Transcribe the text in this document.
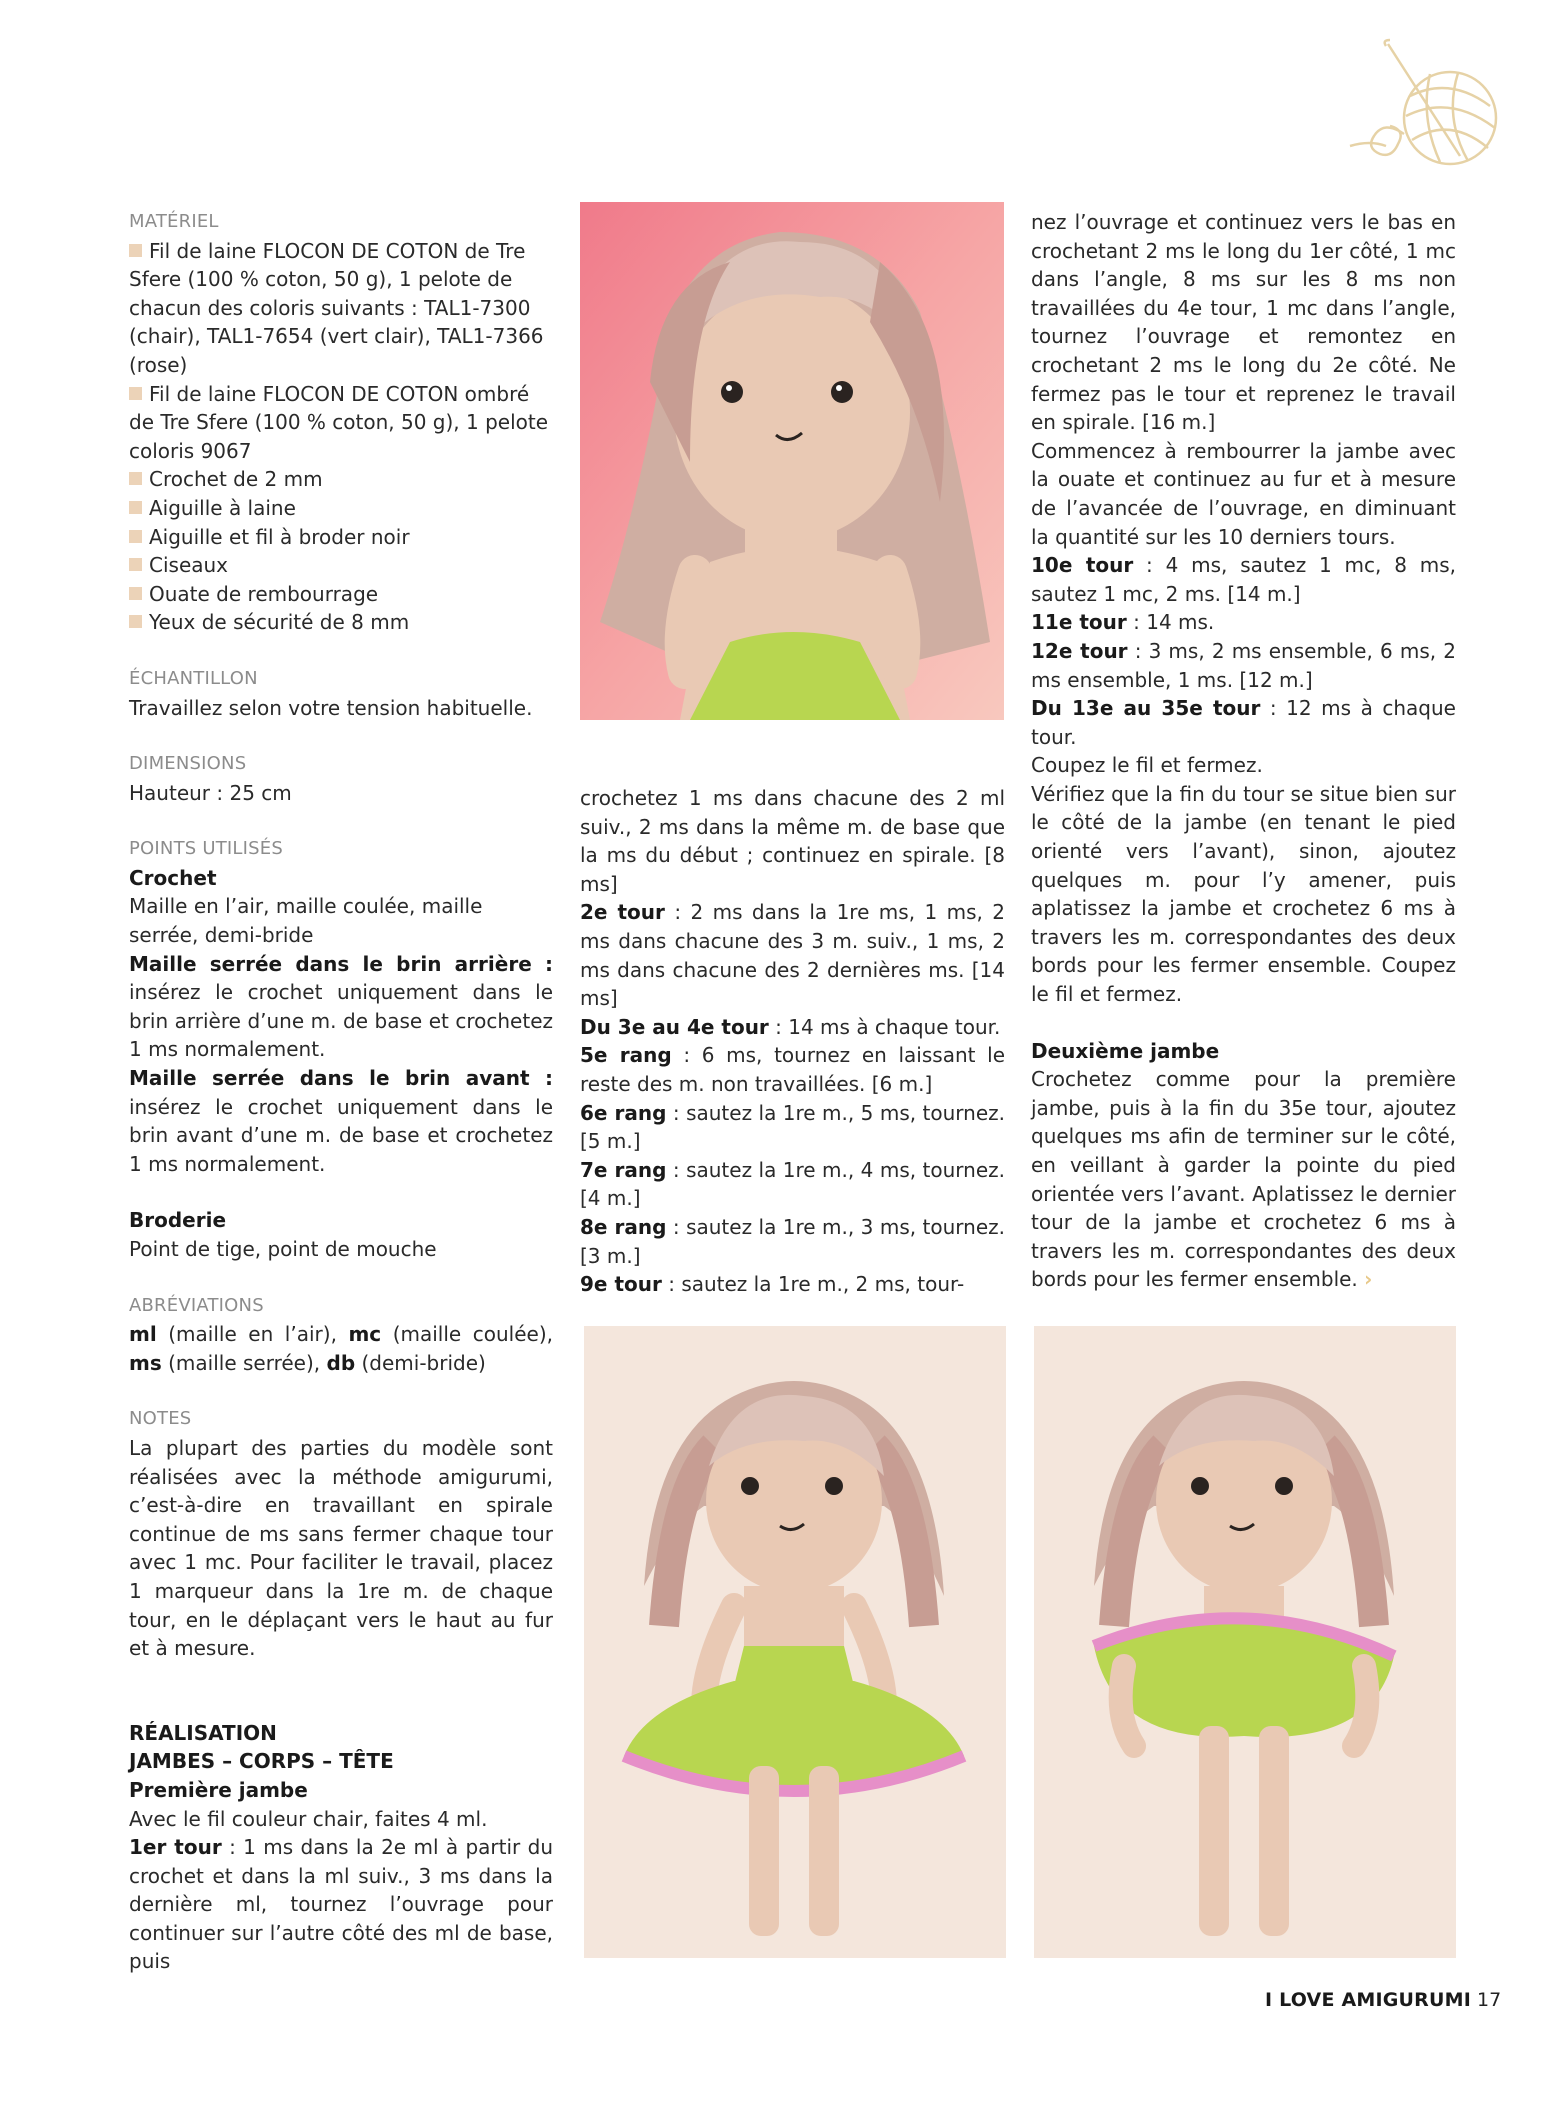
MATÉRIEL

Fil de laine FLOCON DE COTON de Tre Sfere (100 % coton, 50 g), 1 pelote de chacun des coloris suivants : TAL1-7300 (chair), TAL1-7654 (vert clair), TAL1-7366 (rose)

Fil de laine FLOCON DE COTON ombré de Tre Sfere (100 % coton, 50 g), 1 pelote coloris 9067

Crochet de 2 mm

Aiguille à laine

Aiguille et fil à broder noir

Ciseaux

Ouate de rembourrage

Yeux de sécurité de 8 mm

ÉCHANTILLON

Travaillez selon votre tension habituelle.

DIMENSIONS

Hauteur : 25 cm

POINTS UTILISÉS

Crochet

Maille en l’air, maille coulée, maille serrée, demi-bride

Maille serrée dans le brin arrière : insérez le crochet uniquement dans le brin arrière d’une m. de base et crochetez 1 ms normalement.

Maille serrée dans le brin avant : insérez le crochet uniquement dans le brin avant d’une m. de base et crochetez 1 ms normalement.

Broderie

Point de tige, point de mouche

ABRÉVIATIONS

ml (maille en l’air), mc (maille coulée), ms (maille serrée), db (demi-bride)

NOTES

La plupart des parties du modèle sont réalisées avec la méthode amigurumi, c’est-à-dire en travaillant en spirale continue de ms sans fermer chaque tour avec 1 mc. Pour faciliter le travail, placez 1 marqueur dans la 1re m. de chaque tour, en le déplaçant vers le haut au fur et à mesure.

RÉALISATION

JAMBES – CORPS – TÊTE

Première jambe

Avec le fil couleur chair, faites 4 ml.

1er tour : 1 ms dans la 2e ml à partir du crochet et dans la ml suiv., 3 ms dans la dernière ml, tournez l’ouvrage pour continuer sur l’autre côté des ml de base, puis

crochetez 1 ms dans chacune des 2 ml suiv., 2 ms dans la même m. de base que la ms du début ; continuez en spirale. [8 ms]

2e tour : 2 ms dans la 1re ms, 1 ms, 2 ms dans chacune des 3 m. suiv., 1 ms, 2 ms dans chacune des 2 dernières ms. [14 ms]

Du 3e au 4e tour : 14 ms à chaque tour.

5e rang : 6 ms, tournez en laissant le reste des m. non travaillées. [6 m.]

6e rang : sautez la 1re m., 5 ms, tournez. [5 m.]

7e rang : sautez la 1re m., 4 ms, tournez. [4 m.]

8e rang : sautez la 1re m., 3 ms, tournez. [3 m.]

9e tour : sautez la 1re m., 2 ms, tour-

nez l’ouvrage et continuez vers le bas en crochetant 2 ms le long du 1er côté, 1 mc dans l’angle, 8 ms sur les 8 ms non travaillées du 4e tour, 1 mc dans l’angle, tournez l’ouvrage et remontez en crochetant 2 ms le long du 2e côté. Ne fermez pas le tour et reprenez le travail en spirale. [16 m.]

Commencez à rembourrer la jambe avec la ouate et continuez au fur et à mesure de l’avancée de l’ouvrage, en diminuant la quantité sur les 10 derniers tours.

10e tour : 4 ms, sautez 1 mc, 8 ms, sautez 1 mc, 2 ms. [14 m.]

11e tour : 14 ms.

12e tour : 3 ms, 2 ms ensemble, 6 ms, 2 ms ensemble, 1 ms. [12 m.]

Du 13e au 35e tour : 12 ms à chaque tour.

Coupez le fil et fermez.

Vérifiez que la fin du tour se situe bien sur le côté de la jambe (en tenant le pied orienté vers l’avant), sinon, ajoutez quelques m. pour l’y amener, puis aplatissez la jambe et crochetez 6 ms à travers les m. correspondantes des deux bords pour les fermer ensemble. Coupez le fil et fermez.

Deuxième jambe

Crochetez comme pour la première jambe, puis à la fin du 35e tour, ajoutez quelques ms afin de terminer sur le côté, en veillant à garder la pointe du pied orientée vers l’avant. Aplatissez le dernier tour de la jambe et crochetez 6 ms à travers les m. correspondantes des deux bords pour les fermer ensemble. ›

I LOVE AMIGURUMI 17
